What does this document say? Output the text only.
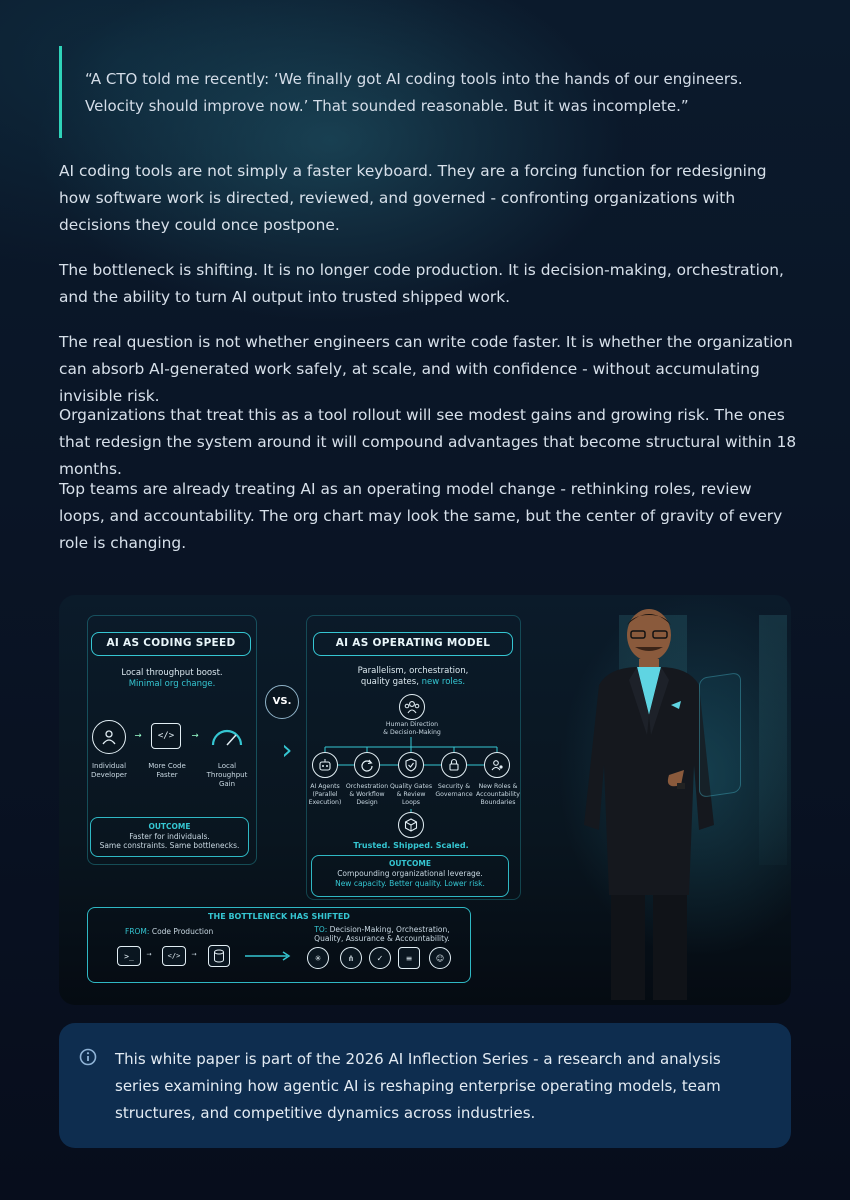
“A CTO told me recently: ‘We finally got AI coding tools into the hands of our engineers. Velocity should improve now.’ That sounded reasonable. But it was incomplete.”

AI coding tools are not simply a faster keyboard. They are a forcing function for redesigning how software work is directed, reviewed, and governed - confronting organizations with decisions they could once postpone.

The bottleneck is shifting. It is no longer code production. It is decision-making, orchestration, and the ability to turn AI output into trusted shipped work.

The real question is not whether engineers can write code faster. It is whether the organization can absorb AI-generated work safely, at scale, and with confidence - without accumulating invisible risk.

Organizations that treat this as a tool rollout will see modest gains and growing risk. The ones that redesign the system around it will compound advantages that become structural within 18 months.

Top teams are already treating AI as an operating model change - rethinking roles, review loops, and accountability. The org chart may look the same, but the center of gravity of every role is changing.

AI AS CODING SPEED
Local throughput boost.
Minimal org change.
→	</>	→
Individual
Developer
More Code
Faster
Local
Throughput
Gain
OUTCOME
Faster for individuals.
Same constraints. Same bottlenecks.
VS.
›
AI AS OPERATING MODEL
Parallelism, orchestration,
quality gates, new roles.
Human Direction
& Decision-Making
AI Agents
(Parallel
Execution)
Orchestration
& Workflow
Design
Quality Gates
& Review
Loops
Security &
Governance
New Roles &
Accountability
Boundaries
Trusted. Shipped. Scaled.
OUTCOME
Compounding organizational leverage.
New capacity. Better quality. Lower risk.
THE BOTTLENECK HAS SHIFTED
FROM: Code Production	TO: Decision-Making, Orchestration,
Quality, Assurance & Accountability.
>_	→	</>	→	✳	⋔	✓	≡	☺
This white paper is part of the 2026 AI Inflection Series - a research and analysis series examining how agentic AI is reshaping enterprise operating models, team structures, and competitive dynamics across industries.
